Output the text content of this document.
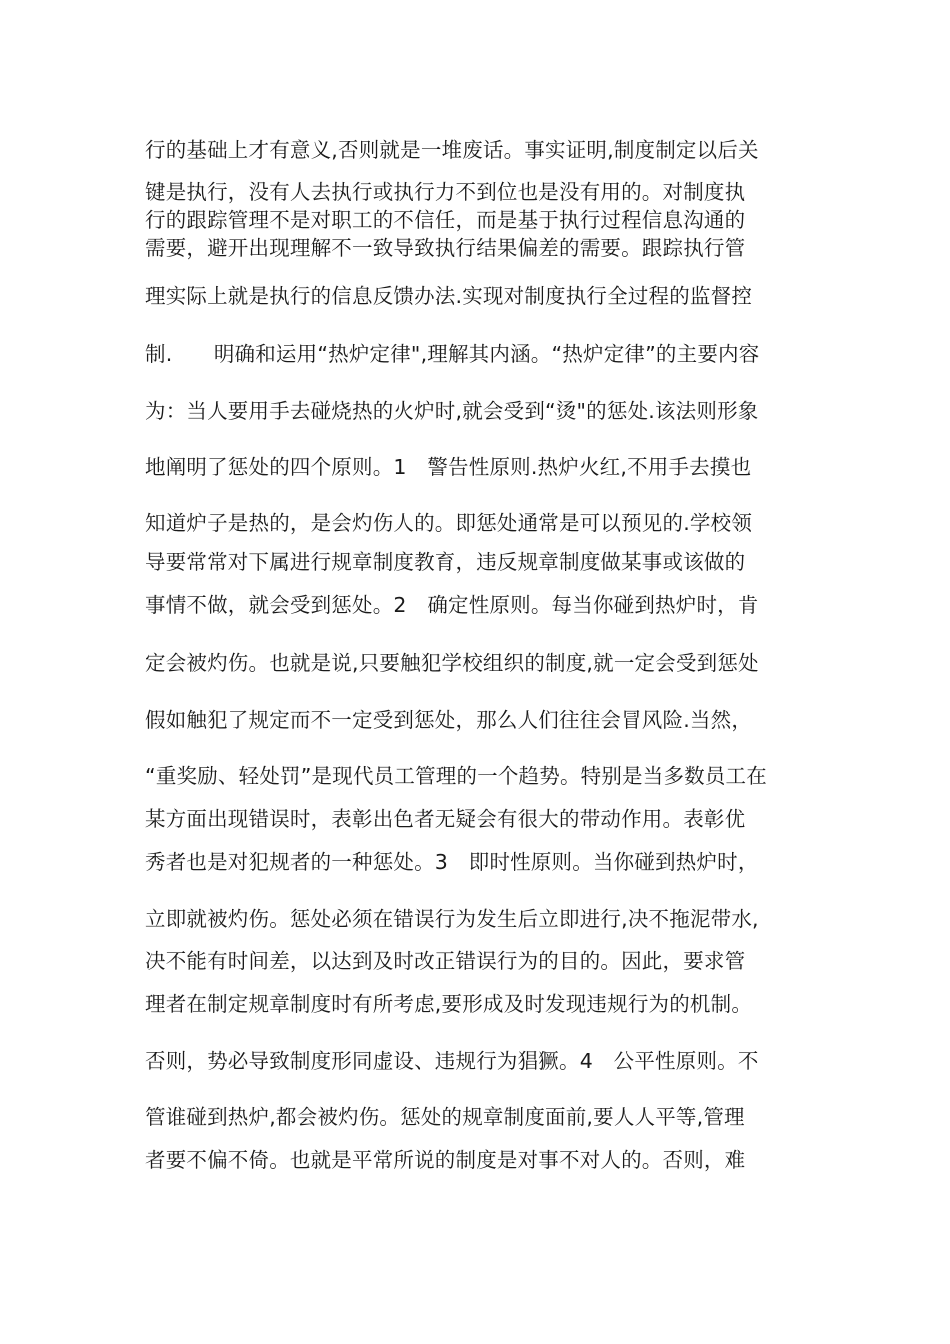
行的基础上才有意义,否则就是一堆废话。事实证明,制度制定以后关
键是执行，没有人去执行或执行力不到位也是没有用的。对制度执
行的跟踪管理不是对职工的不信任，而是基于执行过程信息沟通的
需要，避开出现理解不一致导致执行结果偏差的需要。跟踪执行管
理实际上就是执行的信息反馈办法.实现对制度执行全过程的监督控
制.　　明确和运用“热炉定律",理解其内涵。“热炉定律”的主要内容
为：当人要用手去碰烧热的火炉时,就会受到“烫"的惩处.该法则形象
地阐明了惩处的四个原则。1　警告性原则.热炉火红,不用手去摸也
知道炉子是热的，是会灼伤人的。即惩处通常是可以预见的.学校领
导要常常对下属进行规章制度教育，违反规章制度做某事或该做的
事情不做，就会受到惩处。2　确定性原则。每当你碰到热炉时，肯
定会被灼伤。也就是说,只要触犯学校组织的制度,就一定会受到惩处
假如触犯了规定而不一定受到惩处，那么人们往往会冒风险.当然，
“重奖励、轻处罚”是现代员工管理的一个趋势。特别是当多数员工在
某方面出现错误时，表彰出色者无疑会有很大的带动作用。表彰优
秀者也是对犯规者的一种惩处。3　即时性原则。当你碰到热炉时，
立即就被灼伤。惩处必须在错误行为发生后立即进行,决不拖泥带水,
决不能有时间差，以达到及时改正错误行为的目的。因此，要求管
理者在制定规章制度时有所考虑,要形成及时发现违规行为的机制。
否则，势必导致制度形同虚设、违规行为猖獗。4　公平性原则。不
管谁碰到热炉,都会被灼伤。惩处的规章制度面前,要人人平等,管理
者要不偏不倚。也就是平常所说的制度是对事不对人的。否则，难
